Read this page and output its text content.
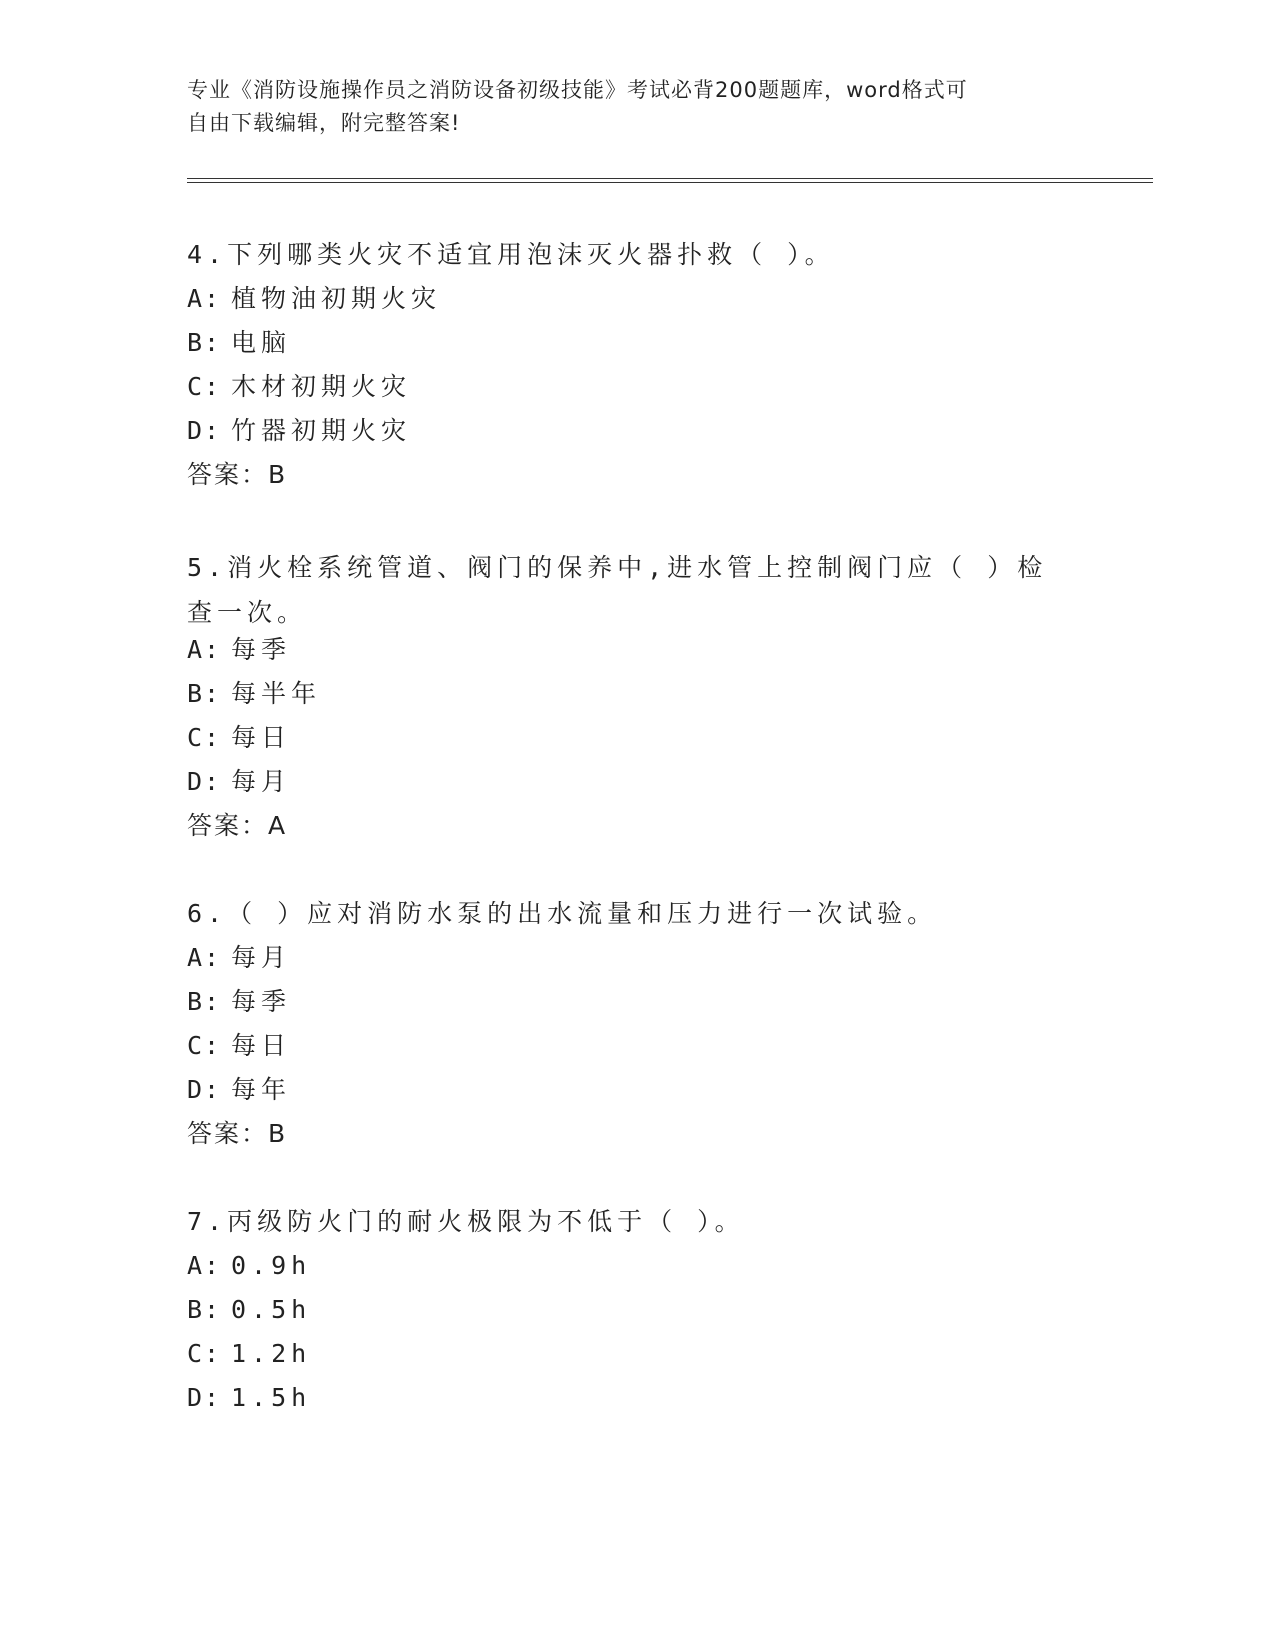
专业《消防设施操作员之消防设备初级技能》考试必背200题题库，word格式可
自由下载编辑，附完整答案!
4.下列哪类火灾不适宜用泡沫灭火器扑救（ ）。
A: 植物油初期火灾
B: 电脑
C: 木材初期火灾
D: 竹器初期火灾
答案：B
5.消火栓系统管道、阀门的保养中,进水管上控制阀门应（ ）检查一次。
A: 每季
B: 每半年
C: 每日
D: 每月
答案：A
6.（ ）应对消防水泵的出水流量和压力进行一次试验。
A: 每月
B: 每季
C: 每日
D: 每年
答案：B
7.丙级防火门的耐火极限为不低于（ ）。
A: 0.9h
B: 0.5h
C: 1.2h
D: 1.5h
